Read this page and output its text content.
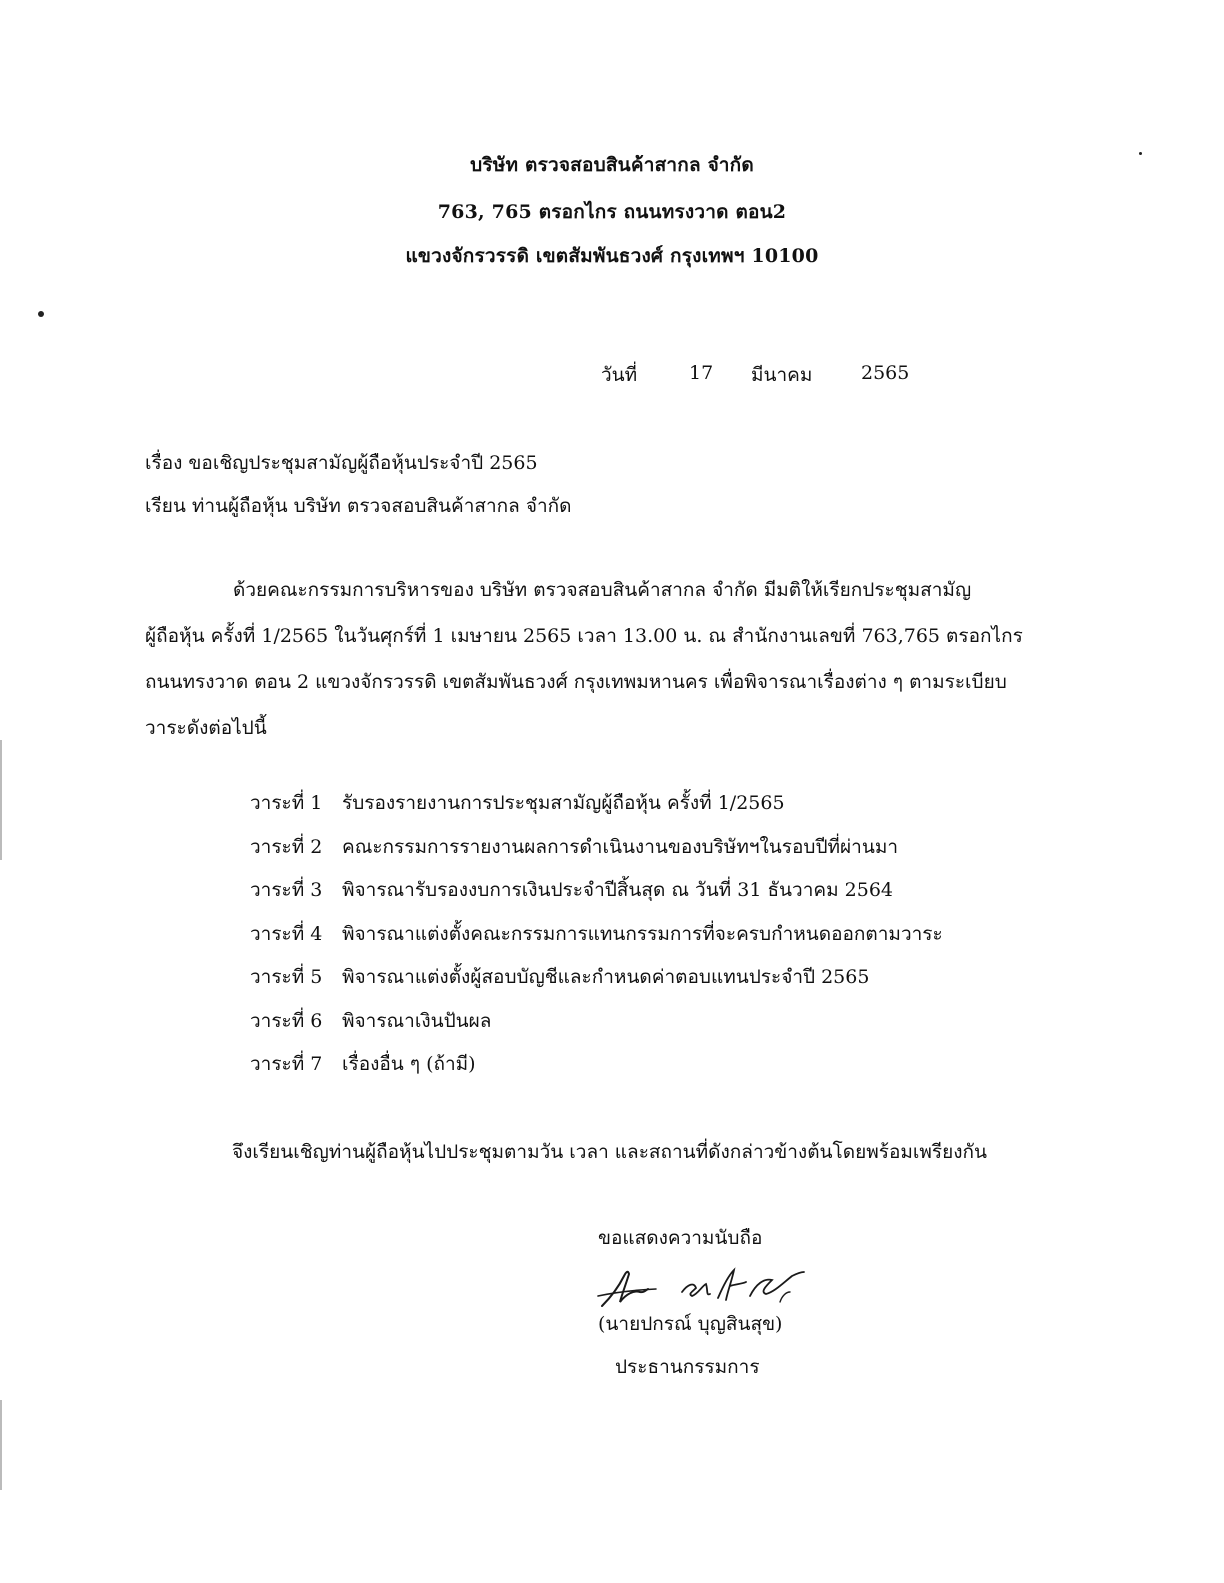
บริษัท ตรวจสอบสินค้าสากล จำกัด
763, 765 ตรอกไกร ถนนทรงวาด ตอน2
แขวงจักรวรรดิ เขตสัมพันธวงศ์ กรุงเทพฯ 10100
วันที่	17 มีนาคม	2565
เรื่อง ขอเชิญประชุมสามัญผู้ถือหุ้นประจำปี 2565
เรียน ท่านผู้ถือหุ้น บริษัท ตรวจสอบสินค้าสากล จำกัด
ด้วยคณะกรรมการบริหารของ บริษัท ตรวจสอบสินค้าสากล จำกัด มีมติให้เรียกประชุมสามัญ
ผู้ถือหุ้น ครั้งที่ 1/2565 ในวันศุกร์ที่ 1 เมษายน 2565 เวลา 13.00 น. ณ สำนักงานเลขที่ 763,765 ตรอกไกร
ถนนทรงวาด ตอน 2 แขวงจักรวรรดิ เขตสัมพันธวงศ์ กรุงเทพมหานคร เพื่อพิจารณาเรื่องต่าง ๆ ตามระเบียบ
วาระดังต่อไปนี้
วาระที่ 1 รับรองรายงานการประชุมสามัญผู้ถือหุ้น ครั้งที่ 1/2565
วาระที่ 2 คณะกรรมการรายงานผลการดำเนินงานของบริษัทฯในรอบปีที่ผ่านมา
วาระที่ 3 พิจารณารับรองงบการเงินประจำปีสิ้นสุด ณ วันที่ 31 ธันวาคม 2564
วาระที่ 4 พิจารณาแต่งตั้งคณะกรรมการแทนกรรมการที่จะครบกำหนดออกตามวาระ
วาระที่ 5 พิจารณาแต่งตั้งผู้สอบบัญชีและกำหนดค่าตอบแทนประจำปี 2565
วาระที่ 6 พิจารณาเงินปันผล
วาระที่ 7 เรื่องอื่น ๆ (ถ้ามี)
จึงเรียนเชิญท่านผู้ถือหุ้นไปประชุมตามวัน เวลา และสถานที่ดังกล่าวข้างต้นโดยพร้อมเพรียงกัน
ขอแสดงความนับถือ
(นายปกรณ์ บุญสินสุข)
ประธานกรรมการ
